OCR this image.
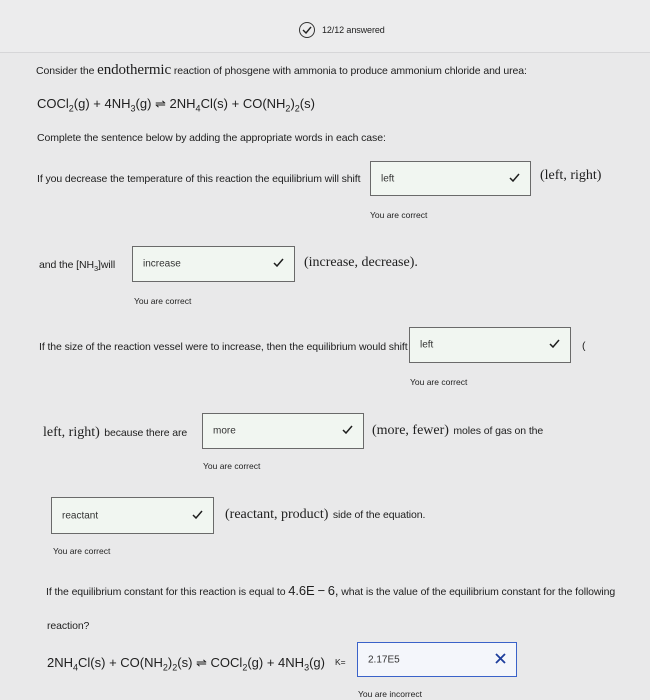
12/12 answered
Consider the endothermic reaction of phosgene with ammonia to produce ammonium chloride and urea:
COCl$_2$(g) + $4NH_3(g)$ ⇌ $2NH_4Cl(s) + CO(NH_2)_2(s)$
Complete the sentence below by adding the appropriate words in each case:
If you decrease the temperature of this reaction the equilibrium will shift left	(left, right)
You are correct
and the $[NH_3]will$	increase	(increase, decrease).
You are correct
If the size of the reaction vessel were to increase, then the equilibrium would shift left	(
You are correct
left, right) because there are	more	(more, fewer) moles of gas on the
You are correct
reactant	(reactant, product) side of the equation.
You are correct
If the equilibrium constant for this reaction is equal to 4.6E − 6, what is the value of the equilibrium constant for the following
reaction?
$2NH_4Cl(s) + CO(NH_2)_2(s)$ ⇌ COCl$_2$(g) + $4NH_3(g)$ K= 2.17E5
You are incorrect
